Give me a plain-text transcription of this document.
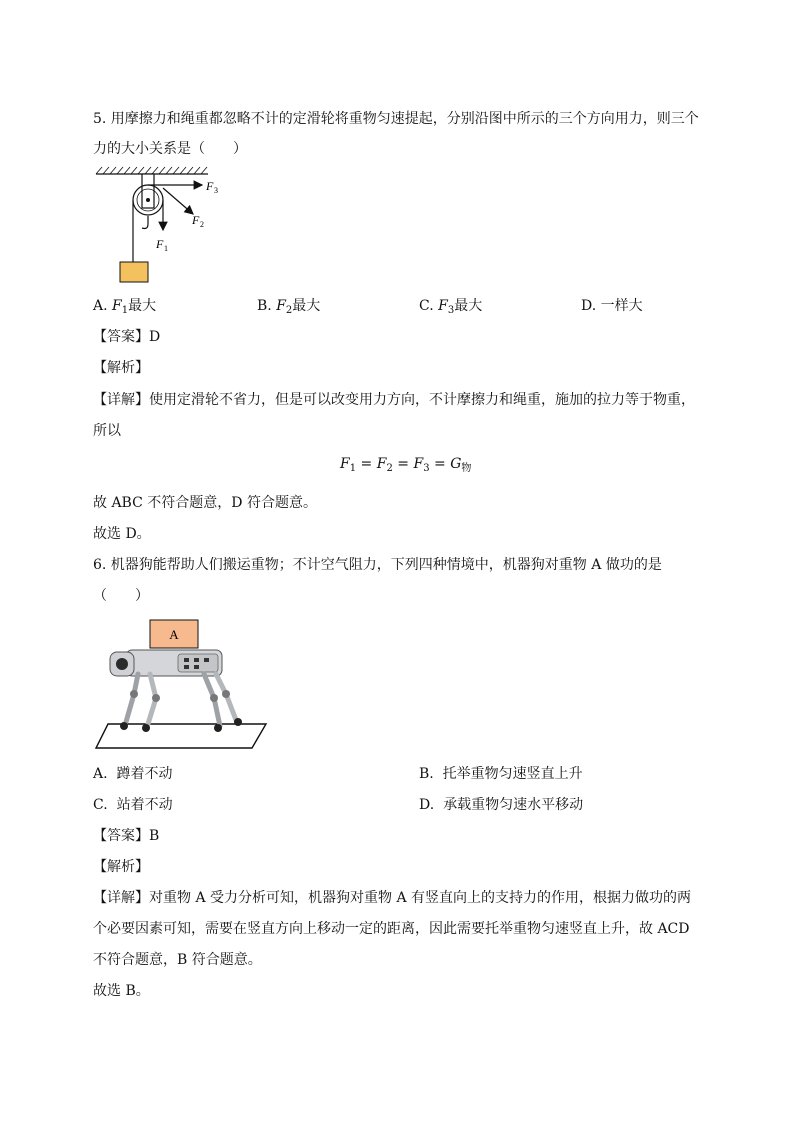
5. 用摩擦力和绳重都忽略不计的定滑轮将重物匀速提起，分别沿图中所示的三个方向用力，则三个
力的大小关系是（　　）
F 1
F 2
F 3
A. $F_1$最大	B. $F_2$最大	C. $F_3$最大	D. 一样大
【答案】D
【解析】
【详解】使用定滑轮不省力，但是可以改变用力方向，不计摩擦力和绳重，施加的拉力等于物重，
所以
$F_1 = F_2 = F_3 = G_物$
故 ABC 不符合题意，D 符合题意。
故选 D。
6. 机器狗能帮助人们搬运重物；不计空气阻力，下列四种情境中，机器狗对重物 A 做功的是
（　　）
A
A. 蹲着不动	B. 托举重物匀速竖直上升
C. 站着不动	D. 承载重物匀速水平移动
【答案】B
【解析】
【详解】对重物 A 受力分析可知，机器狗对重物 A 有竖直向上的支持力的作用，根据力做功的两
个必要因素可知，需要在竖直方向上移动一定的距离，因此需要托举重物匀速竖直上升，故 ACD
不符合题意，B 符合题意。
故选 B。
